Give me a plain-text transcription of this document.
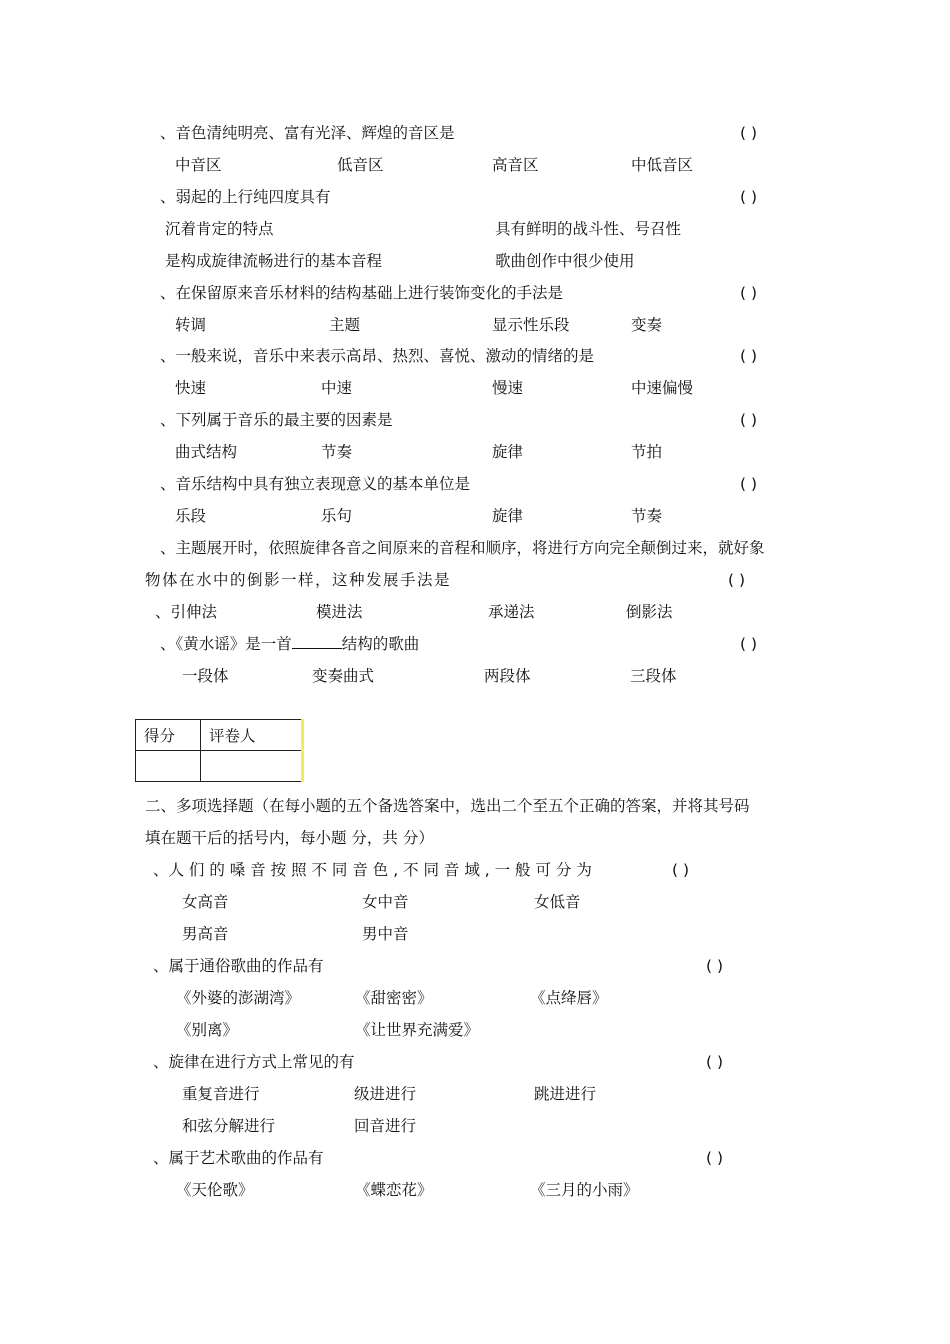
、音色清纯明亮、富有光泽、辉煌的音区是	( )
中音区	低音区	高音区	中低音区
、弱起的上行纯四度具有	( )
沉着肯定的特点	具有鲜明的战斗性、号召性
是构成旋律流畅进行的基本音程	歌曲创作中很少使用
、在保留原来音乐材料的结构基础上进行装饰变化的手法是	( )
转调	主题	显示性乐段	变奏
、一般来说，音乐中来表示高昂、热烈、喜悦、激动的情绪的是	( )
快速	中速	慢速	中速偏慢
、下列属于音乐的最主要的因素是	( )
曲式结构	节奏	旋律	节拍
、音乐结构中具有独立表现意义的基本单位是	( )
乐段	乐句	旋律	节奏
、主题展开时，依照旋律各音之间原来的音程和顺序，将进行方向完全颠倒过来，就好象
物体在水中的倒影一样，这种发展手法是	( )
、引伸法	模进法	承递法	倒影法
、《黄水谣》是一首	结构的歌曲	( )
一段体	变奏曲式	两段体	三段体
得分	评卷人

二、多项选择题（在每小题的五个备选答案中，选出二个至五个正确的答案，并将其号码
填在题干后的括号内，每小题 分，共 分）
、人 们 的 嗓 音 按 照 不 同 音 色 , 不 同 音 域 , 一 般 可 分 为	( )
女高音	女中音	女低音
男高音	男中音
、属于通俗歌曲的作品有	( )
《外婆的澎湖湾》	《甜密密》	《点绛唇》
《别离》	《让世界充满爱》
、旋律在进行方式上常见的有	( )
重复音进行	级进进行	跳进进行
和弦分解进行	回音进行
、属于艺术歌曲的作品有	( )
《天伦歌》	《蝶恋花》	《三月的小雨》
